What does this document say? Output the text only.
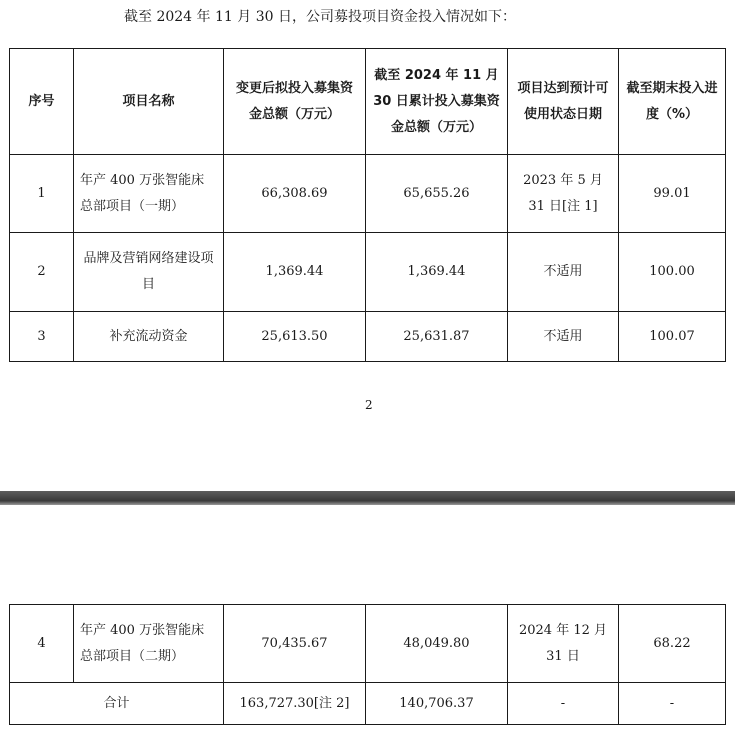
截至 2024 年 11 月 30 日，公司募投项目资金投入情况如下：
序号	项目名称	变更后拟投入募集资金总额（万元）	截至 2024 年 11 月 30 日累计投入募集资金总额（万元）	项目达到预计可使用状态日期	截至期末投入进度（%）
1	年产 400 万张智能床总部项目（一期）	66,308.69	65,655.26	2023 年 5 月 31 日[注 1]	99.01
2	品牌及营销网络建设项目	1,369.44	1,369.44	不适用	100.00
3	补充流动资金	25,613.50	25,631.87	不适用	100.07
2
4	年产 400 万张智能床总部项目（二期）	70,435.67	48,049.80	2024 年 12 月 31 日	68.22
合计		163,727.30[注 2]	140,706.37	-	-
